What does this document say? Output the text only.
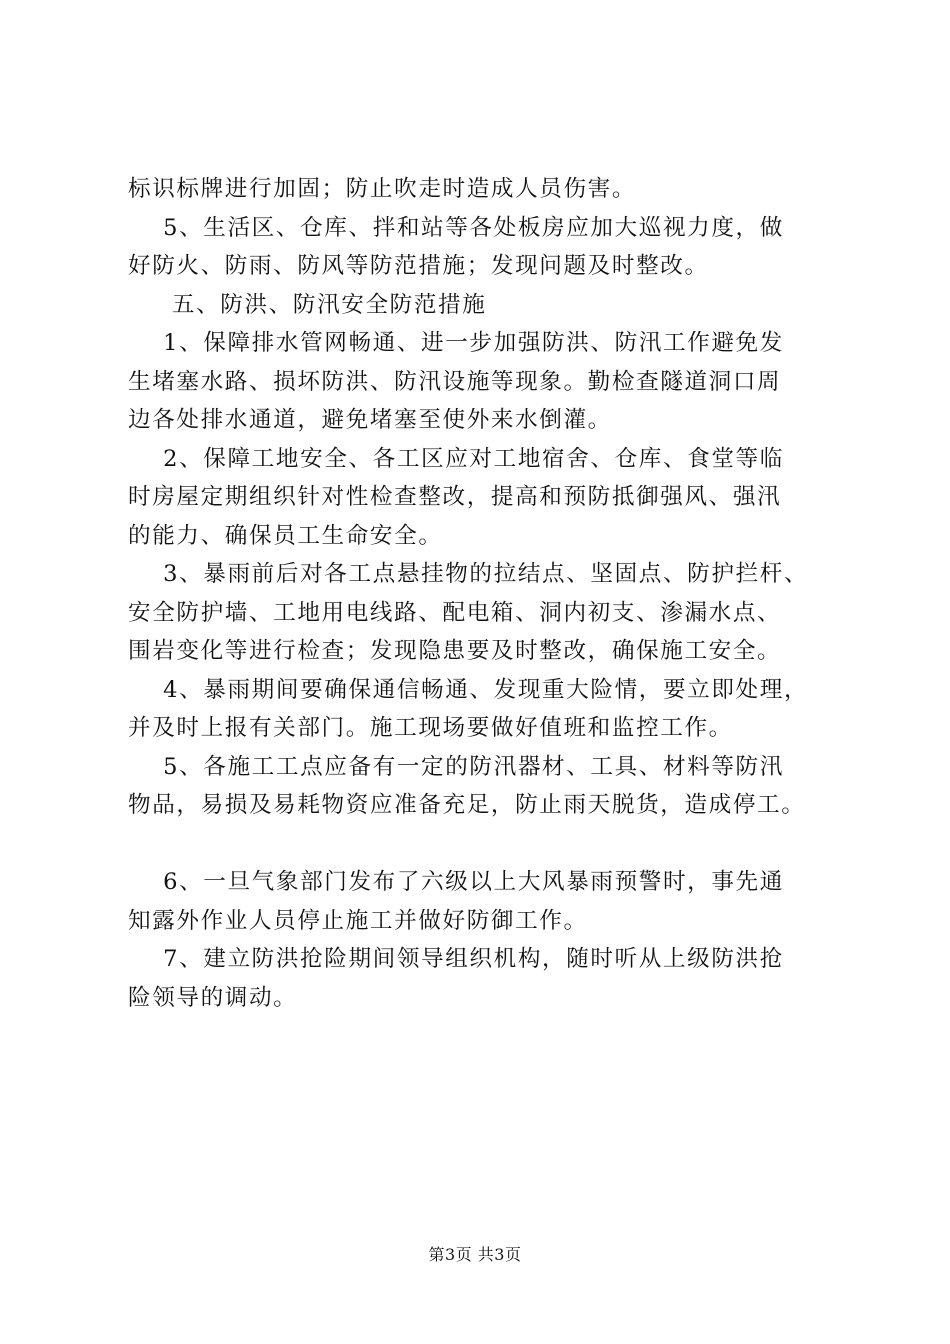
标识标牌进行加固；防止吹走时造成人员伤害。

5、生活区、仓库、拌和站等各处板房应加大巡视力度，做

好防火、防雨、防风等防范措施；发现问题及时整改。

五、防洪、防汛安全防范措施

1、保障排水管网畅通、进一步加强防洪、防汛工作避免发

生堵塞水路、损坏防洪、防汛设施等现象。勤检查隧道洞口周

边各处排水通道，避免堵塞至使外来水倒灌。

2、保障工地安全、各工区应对工地宿舍、仓库、食堂等临

时房屋定期组织针对性检查整改，提高和预防抵御强风、强汛

的能力、确保员工生命安全。

3、暴雨前后对各工点悬挂物的拉结点、坚固点、防护拦杆、

安全防护墙、工地用电线路、配电箱、洞内初支、渗漏水点、

围岩变化等进行检查；发现隐患要及时整改，确保施工安全。

4、暴雨期间要确保通信畅通、发现重大险情，要立即处理，

并及时上报有关部门。施工现场要做好值班和监控工作。

5、各施工工点应备有一定的防汛器材、工具、材料等防汛

物品，易损及易耗物资应准备充足，防止雨天脱货，造成停工。

6、一旦气象部门发布了六级以上大风暴雨预警时，事先通

知露外作业人员停止施工并做好防御工作。

7、建立防洪抢险期间领导组织机构，随时听从上级防洪抢

险领导的调动。

第3页 共3页
